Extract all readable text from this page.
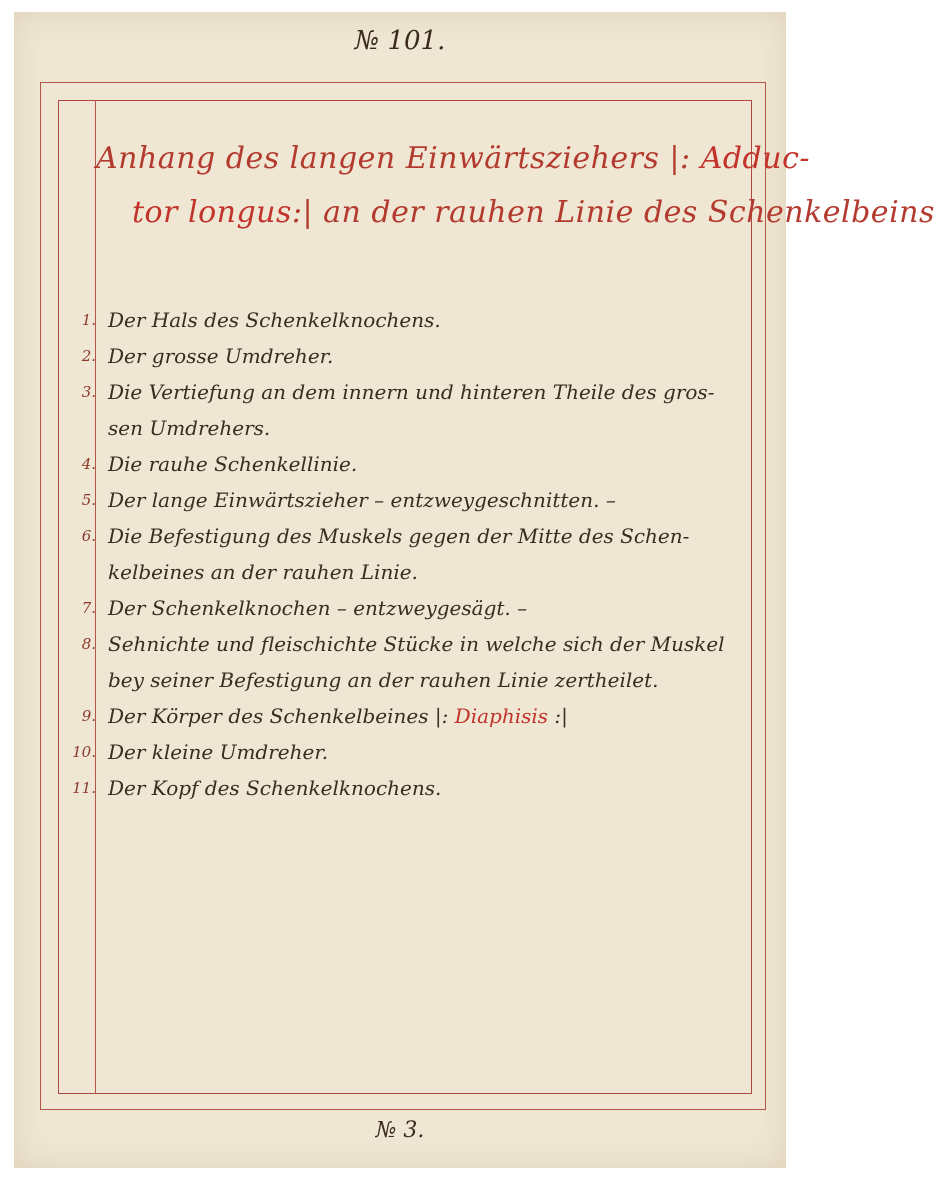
№ 101.
Anhang des langen Einwärtsziehers |: Adduc-
tor longus:| an der rauhen Linie des Schenkelbeins
1. Der Hals des Schenkelknochens.
2. Der grosse Umdreher.
3. Die Vertiefung an dem innern und hinteren Theile des gros-
sen Umdrehers.
4. Die rauhe Schenkellinie.
5. Der lange Einwärtszieher – entzweygeschnitten. –
6. Die Befestigung des Muskels gegen der Mitte des Schen-
kelbeines an der rauhen Linie.
7. Der Schenkelknochen – entzweygesägt. –
8. Sehnichte und fleischichte Stücke in welche sich der Muskel
bey seiner Befestigung an der rauhen Linie zertheilet.
9. Der Körper des Schenkelbeines |: Diaphisis :|
10. Der kleine Umdreher.
11. Der Kopf des Schenkelknochens.
№ 3.
